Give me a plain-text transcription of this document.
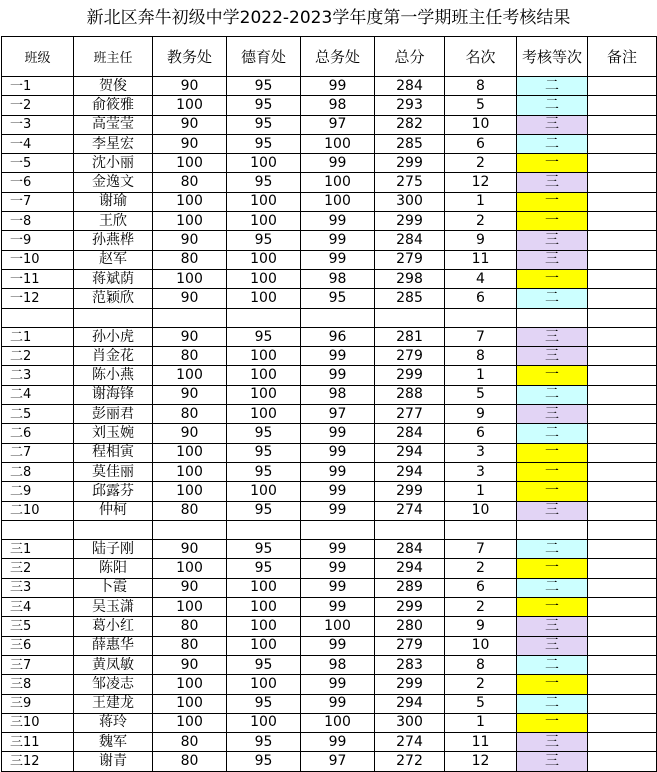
新北区奔牛初级中学2022-2023学年度第一学期班主任考核结果
班级	班主任	教务处	德育处	总务处	总分	名次	考核等次	备注
一1	贺俊	90	95	99	284	8	二	
一2	俞筱雅	100	95	98	293	5	二	
一3	高莹莹	90	95	97	282	10	三	
一4	李星宏	90	95	100	285	6	二	
一5	沈小丽	100	100	99	299	2	一	
一6	金逸文	80	95	100	275	12	三	
一7	谢瑜	100	100	100	300	1	一	
一8	王欣	100	100	99	299	2	一	
一9	孙燕桦	90	95	99	284	9	三	
一10	赵军	80	100	99	279	11	三	
一11	蒋斌荫	100	100	98	298	4	一	
一12	范颖欣	90	100	95	285	6	二	

二1	孙小虎	90	95	96	281	7	三	
二2	肖金花	80	100	99	279	8	三	
二3	陈小燕	100	100	99	299	1	一	
二4	谢海锋	90	100	98	288	5	二	
二5	彭丽君	80	100	97	277	9	三	
二6	刘玉婉	90	95	99	284	6	二	
二7	程相寅	100	95	99	294	3	一	
二8	莫佳丽	100	95	99	294	3	一	
二9	邱露芬	100	100	99	299	1	一	
二10	仲柯	80	95	99	274	10	三	

三1	陆子刚	90	95	99	284	7	二	
三2	陈阳	100	95	99	294	2	一	
三3	卜霞	90	100	99	289	6	二	
三4	吴玉潇	100	100	99	299	2	一	
三5	葛小红	80	100	100	280	9	三	
三6	薛惠华	80	100	99	279	10	三	
三7	黄凤敏	90	95	98	283	8	二	
三8	邹凌志	100	100	99	299	2	一	
三9	王建龙	100	95	99	294	5	二	
三10	蒋玲	100	100	100	300	1	一	
三11	魏军	80	95	99	274	11	三	
三12	谢青	80	95	97	272	12	三	
